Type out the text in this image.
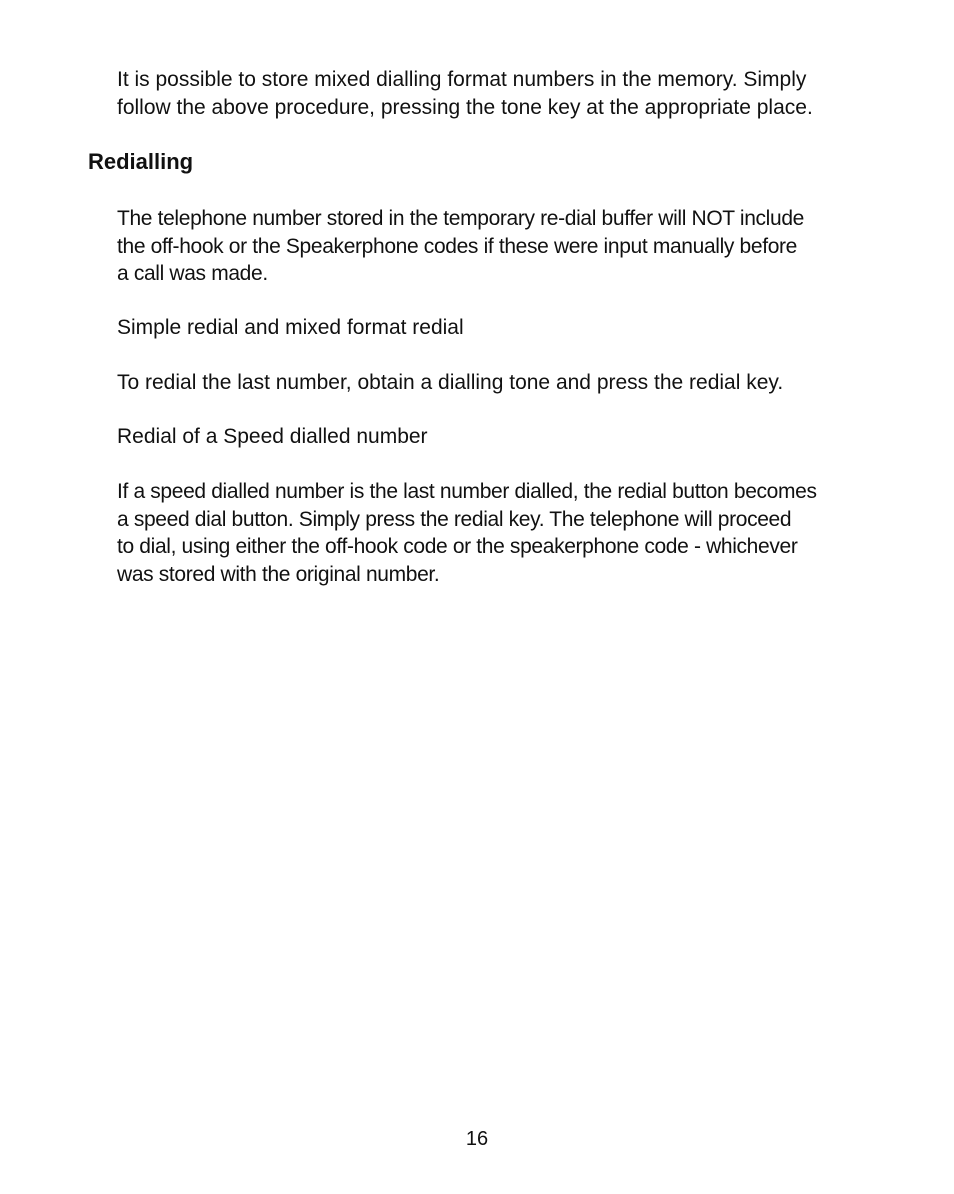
It is possible to store mixed dialling format numbers in the memory. Simply
follow the above procedure, pressing the tone key at the appropriate place.

Redialling

The telephone number stored in the temporary re-dial buffer will NOT include
the off-hook or the Speakerphone codes if these were input manually before
a call was made.

Simple redial and mixed format redial

To redial the last number, obtain a dialling tone and press the redial key.

Redial of a Speed dialled number

If a speed dialled number is the last number dialled, the redial button becomes
a speed dial button. Simply press the redial key. The telephone will proceed
to dial, using either the off-hook code or the speakerphone code - whichever
was stored with the original number.

16
